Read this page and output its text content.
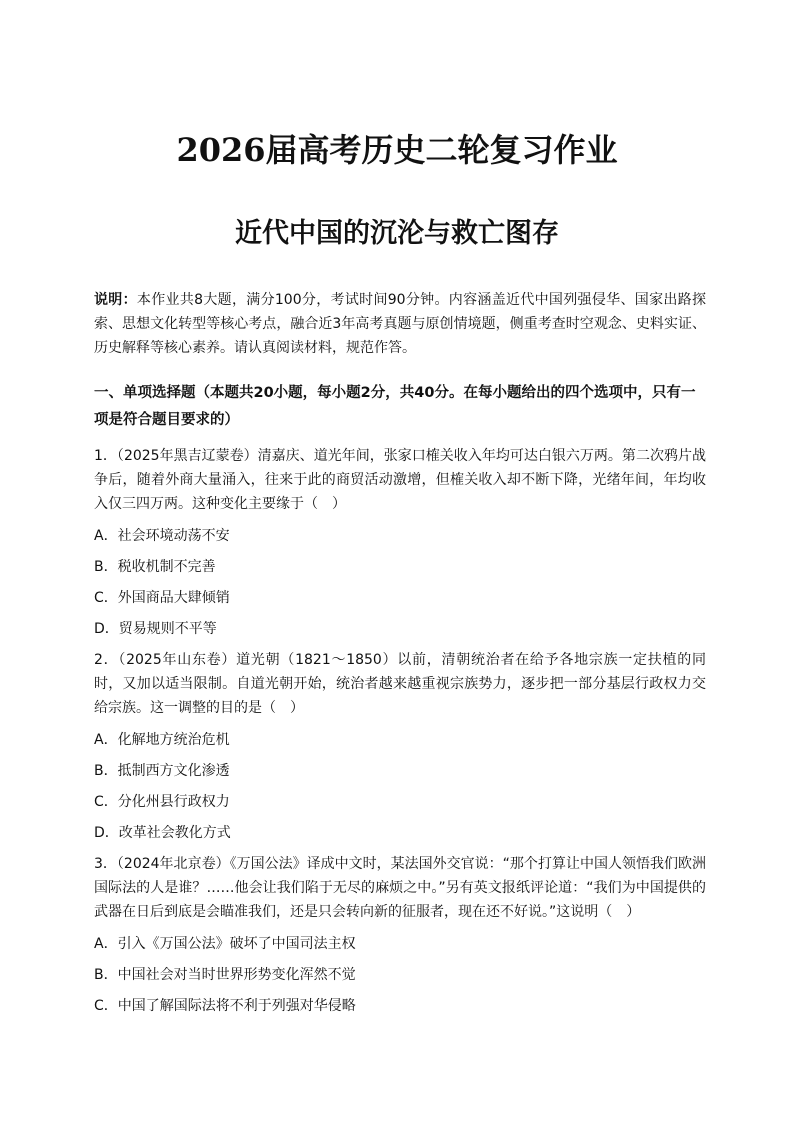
2026届高考历史二轮复习作业
近代中国的沉沦与救亡图存

说明：本作业共8大题，满分100分，考试时间90分钟。内容涵盖近代中国列强侵华、国家出路探索、思想文化转型等核心考点，融合近3年高考真题与原创情境题，侧重考查时空观念、史料实证、历史解释等核心素养。请认真阅读材料，规范作答。

一、单项选择题（本题共20小题，每小题2分，共40分。在每小题给出的四个选项中，只有一项是符合题目要求的）

1．（2025年黑吉辽蒙卷）清嘉庆、道光年间，张家口榷关收入年均可达白银六万两。第二次鸦片战争后，随着外商大量涌入，往来于此的商贸活动激增，但榷关收入却不断下降，光绪年间，年均收入仅三四万两。这种变化主要缘于（　）

A．社会环境动荡不安
B．税收机制不完善
C．外国商品大肆倾销
D．贸易规则不平等

2．（2025年山东卷）道光朝（1821～1850）以前，清朝统治者在给予各地宗族一定扶植的同时，又加以适当限制。自道光朝开始，统治者越来越重视宗族势力，逐步把一部分基层行政权力交给宗族。这一调整的目的是（　）

A．化解地方统治危机
B．抵制西方文化渗透
C．分化州县行政权力
D．改革社会教化方式

3．（2024年北京卷）《万国公法》译成中文时，某法国外交官说：“那个打算让中国人领悟我们欧洲国际法的人是谁？……他会让我们陷于无尽的麻烦之中。”另有英文报纸评论道：“我们为中国提供的武器在日后到底是会瞄准我们，还是只会转向新的征服者，现在还不好说。”这说明（　）

A．引入《万国公法》破坏了中国司法主权
B．中国社会对当时世界形势变化浑然不觉
C．中国了解国际法将不利于列强对华侵略
